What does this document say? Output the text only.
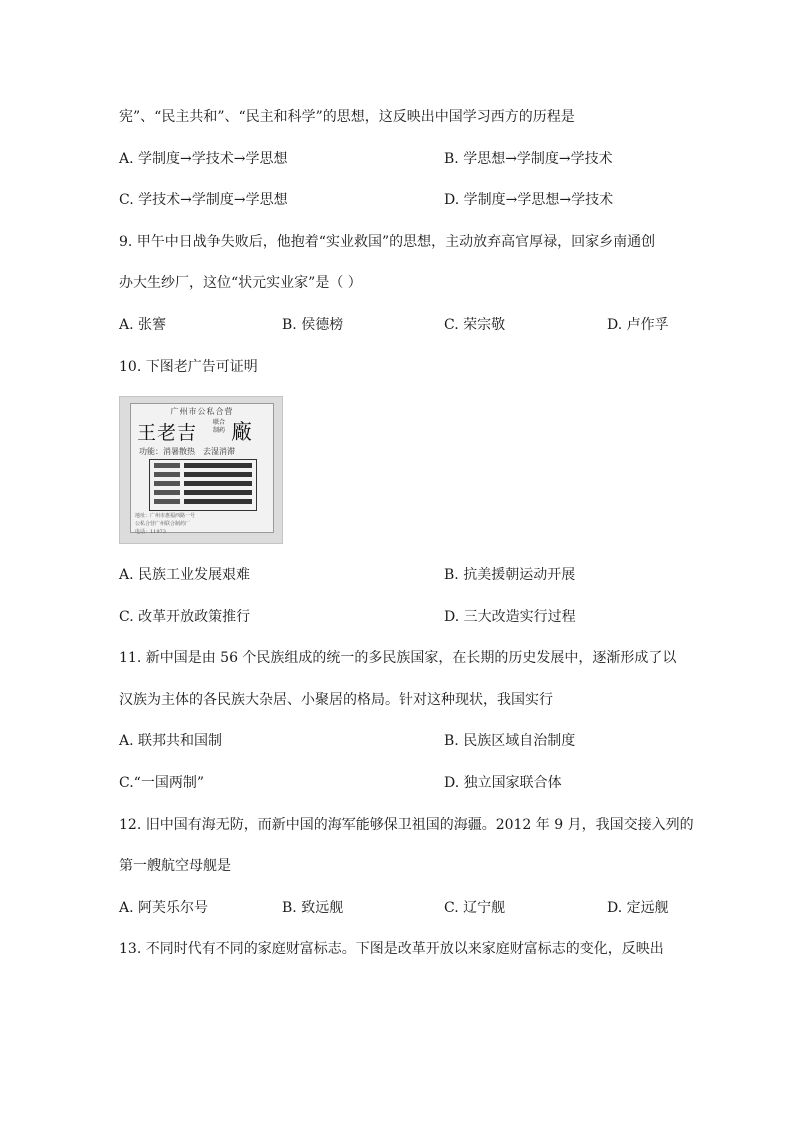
宪”、“民主共和”、“民主和科学”的思想，这反映出中国学习西方的历程是
A. 学制度→学技术→学思想	B. 学思想→学制度→学技术
C. 学技术→学制度→学思想	D. 学制度→学思想→学技术
9. 甲午中日战争失败后，他抱着“实业救国”的思想，主动放弃高官厚禄，回家乡南通创
办大生纱厂，这位“状元实业家”是（ ）
A. 张謇	B. 侯德榜	C. 荣宗敬	D. 卢作孚
10. 下图老广告可证明
广州市公私合营
王老吉	联合制药 廠
功能：消暑散热　去湿消滞
地址：广州市惠福西路一号
公私合营广州联合制药厂
电话：11973
A. 民族工业发展艰难	B. 抗美援朝运动开展
C. 改革开放政策推行	D. 三大改造实行过程
11. 新中国是由 56 个民族组成的统一的多民族国家，在长期的历史发展中，逐渐形成了以
汉族为主体的各民族大杂居、小聚居的格局。针对这种现状，我国实行
A. 联邦共和国制	B. 民族区域自治制度
C.“一国两制”	D. 独立国家联合体
12. 旧中国有海无防，而新中国的海军能够保卫祖国的海疆。2012 年 9 月，我国交接入列的
第一艘航空母舰是
A. 阿芙乐尔号	B. 致远舰	C. 辽宁舰	D. 定远舰
13. 不同时代有不同的家庭财富标志。下图是改革开放以来家庭财富标志的变化，反映出
